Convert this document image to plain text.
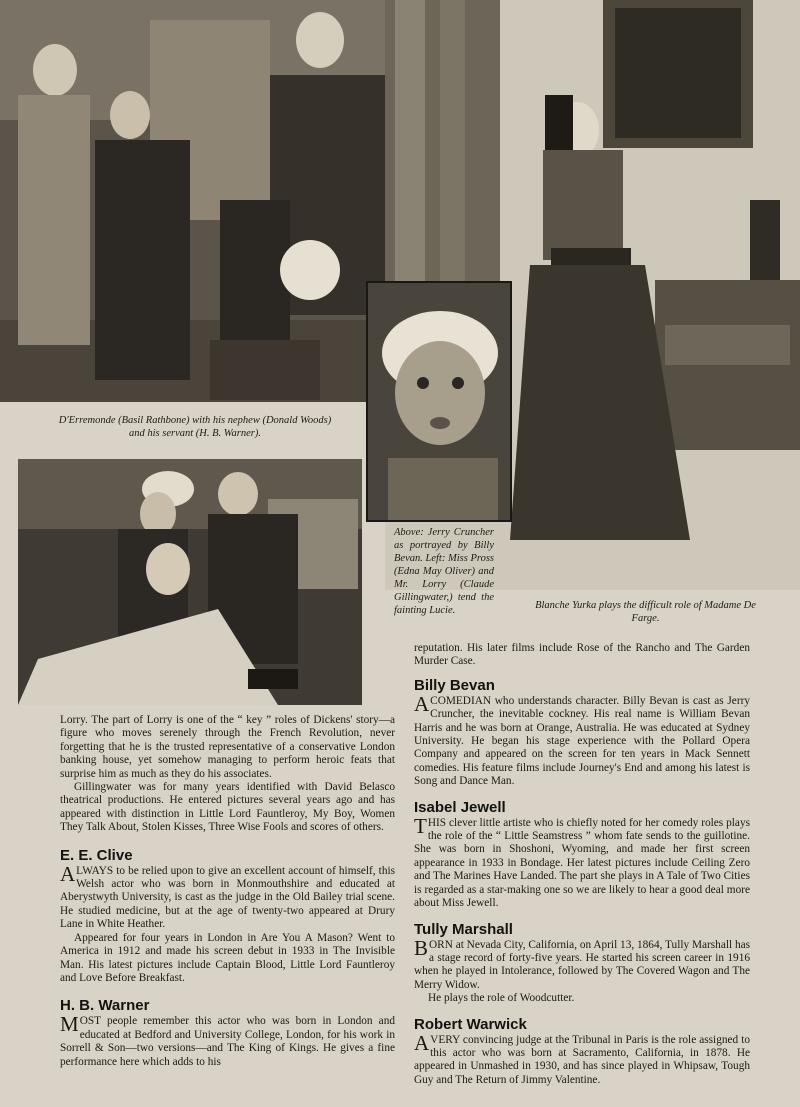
D'Erremonde (Basil Rathbone) with his nephew (Donald Woods) and his servant (H. B. Warner).
Above: Jerry Cruncher as portrayed by Billy Bevan. Left: Miss Pross (Edna May Oliver) and Mr. Lorry (Claude Gillingwater,) tend the fainting Lucie.	Blanche Yurka plays the difficult role of Madame De Farge.

Lorry. The part of Lorry is one of the “ key ” roles of Dickens' story—a figure who moves serenely through the French Revolution, never forgetting that he is the trusted representative of a conservative London banking house, yet somehow managing to perform heroic feats that surprise him as much as they do his associates.

Gillingwater was for many years identified with David Belasco theatrical productions. He entered pictures several years ago and has appeared with distinction in Little Lord Fauntleroy, My Boy, Women They Talk About, Stolen Kisses, Three Wise Fools and scores of others.

E. E. Clive

ALWAYS to be relied upon to give an excellent account of himself, this Welsh actor who was born in Monmouthshire and educated at Aberystwyth University, is cast as the judge in the Old Bailey trial scene. He studied medicine, but at the age of twenty-two appeared at Drury Lane in White Heather.

Appeared for four years in London in Are You A Mason? Went to America in 1912 and made his screen debut in 1933 in The Invisible Man. His latest pictures include Captain Blood, Little Lord Fauntleroy and Love Before Breakfast.

H. B. Warner

MOST people remember this actor who was born in London and educated at Bedford and University College, London, for his work in Sorrell & Son—two versions—and The King of Kings. He gives a fine performance here which adds to his

reputation. His later films include Rose of the Rancho and The Garden Murder Case.

Billy Bevan

ACOMEDIAN who understands character. Billy Bevan is cast as Jerry Cruncher, the inevitable cockney. His real name is William Bevan Harris and he was born at Orange, Australia. He was educated at Sydney University. He began his stage experience with the Pollard Opera Company and appeared on the screen for ten years in Mack Sennett comedies. His feature films include Journey's End and among his latest is Song and Dance Man.

Isabel Jewell

THIS clever little artiste who is chiefly noted for her comedy roles plays the role of the “ Little Seamstress ” whom fate sends to the guillotine. She was born in Shoshoni, Wyoming, and made her first screen appearance in 1933 in Bondage. Her latest pictures include Ceiling Zero and The Marines Have Landed. The part she plays in A Tale of Two Cities is regarded as a star-making one so we are likely to hear a good deal more about Miss Jewell.

Tully Marshall

BORN at Nevada City, California, on April 13, 1864, Tully Marshall has a stage record of forty-five years. He started his screen career in 1916 when he played in Intolerance, followed by The Covered Wagon and The Merry Widow.

He plays the role of Woodcutter.

Robert Warwick

AVERY convincing judge at the Tribunal in Paris is the role assigned to this actor who was born at Sacramento, California, in 1878. He appeared in Unmashed in 1930, and has since played in Whipsaw, Tough Guy and The Return of Jimmy Valentine.
